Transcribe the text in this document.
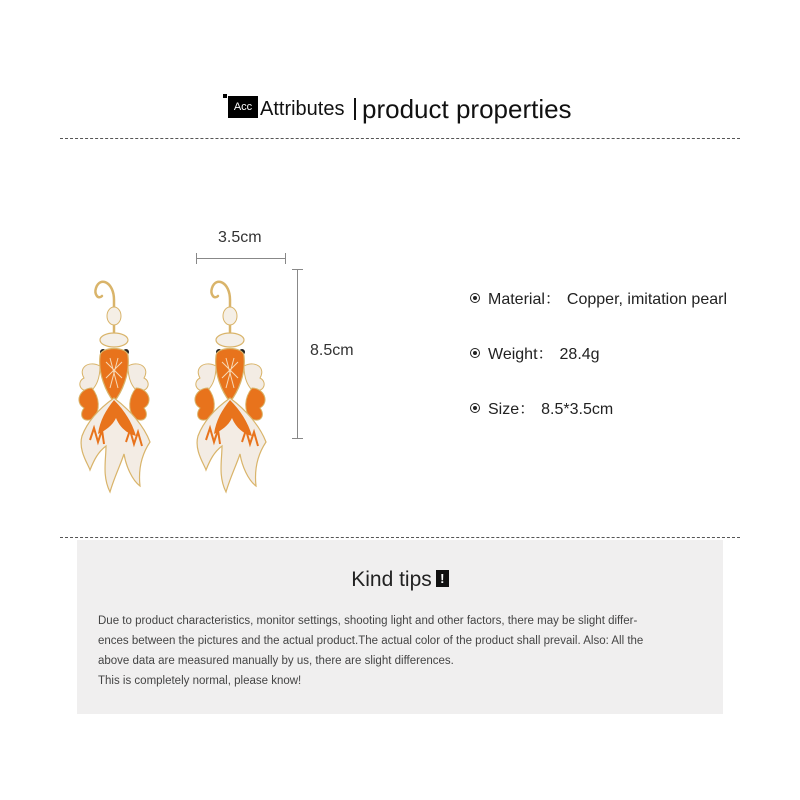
Acc Attributes product properties
3.5cm
8.5cm
Material： Copper, imitation pearl
Weight： 28.4g
Size： 8.5*3.5cm
Kind tips !
Due to product characteristics, monitor settings, shooting light and other factors, there may be slight differ-
ences between the pictures and the actual product.The actual color of the product shall prevail. Also: All the
above data are measured manually by us, there are slight differences.
This is completely normal, please know!
